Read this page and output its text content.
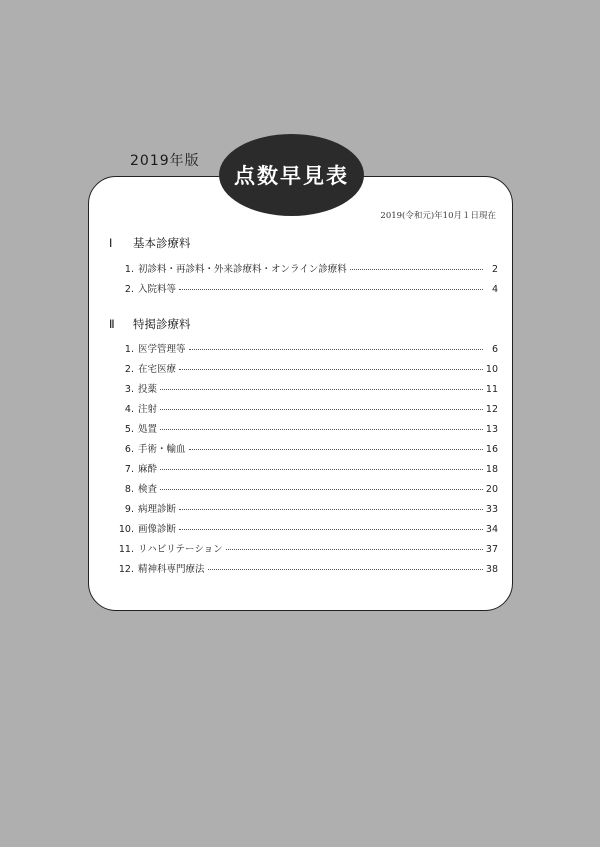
2019年版
2019(令和元)年10月１日現在
Ⅰ 基本診療料
1. 初診料・再診料・外来診療料・オンライン診療料	2
2. 入院料等	4
Ⅱ 特掲診療料
1. 医学管理等	6
2. 在宅医療	10
3. 投薬	11
4. 注射	12
5. 処置	13
6. 手術・輸血	16
7. 麻酔	18
8. 検査	20
9. 病理診断	33
10. 画像診断	34
11. リハビリテーション	37
12. 精神科専門療法	38
点数早見表
